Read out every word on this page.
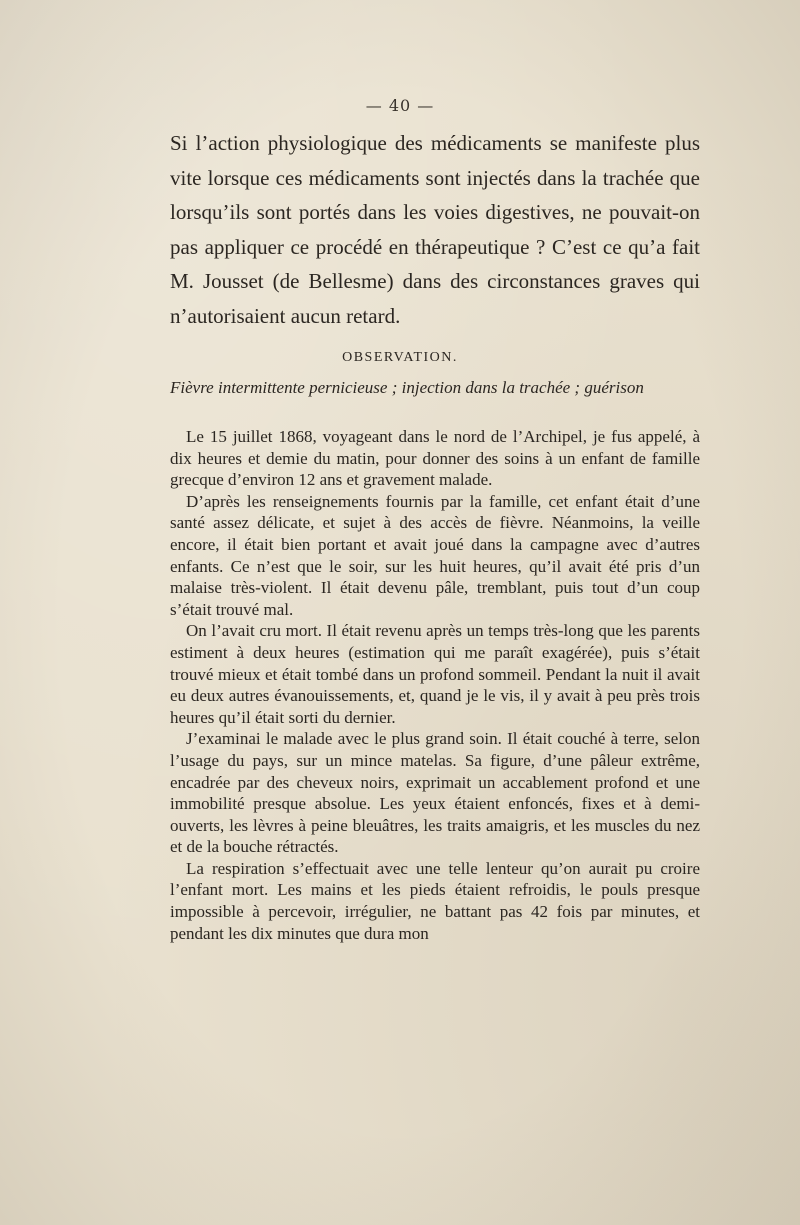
— 40 —

Si l’action physiologique des médicaments se manifeste plus vite lorsque ces médicaments sont injectés dans la trachée que lorsqu’ils sont portés dans les voies digestives, ne pouvait-on pas appliquer ce procédé en thérapeutique ? C’est ce qu’a fait M. Jousset (de Bellesme) dans des circonstances graves qui n’autorisaient aucun retard.

OBSERVATION.
Fièvre intermittente pernicieuse ; injection dans la trachée ; guérison

Le 15 juillet 1868, voyageant dans le nord de l’Archipel, je fus appelé, à dix heures et demie du matin, pour donner des soins à un enfant de famille grecque d’environ 12 ans et gravement malade.

D’après les renseignements fournis par la famille, cet enfant était d’une santé assez délicate, et sujet à des accès de fièvre. Néanmoins, la veille encore, il était bien portant et avait joué dans la campagne avec d’autres enfants. Ce n’est que le soir, sur les huit heures, qu’il avait été pris d’un malaise très-violent. Il était devenu pâle, tremblant, puis tout d’un coup s’était trouvé mal.

On l’avait cru mort. Il était revenu après un temps très-long que les parents estiment à deux heures (estimation qui me paraît exagérée), puis s’était trouvé mieux et était tombé dans un profond sommeil. Pendant la nuit il avait eu deux autres évanouissements, et, quand je le vis, il y avait à peu près trois heures qu’il était sorti du dernier.

J’examinai le malade avec le plus grand soin. Il était couché à terre, selon l’usage du pays, sur un mince matelas. Sa figure, d’une pâleur extrême, encadrée par des cheveux noirs, exprimait un accablement profond et une immobilité presque absolue. Les yeux étaient enfoncés, fixes et à demi-ouverts, les lèvres à peine bleuâtres, les traits amaigris, et les muscles du nez et de la bouche rétractés.

La respiration s’effectuait avec une telle lenteur qu’on aurait pu croire l’enfant mort. Les mains et les pieds étaient refroidis, le pouls presque impossible à percevoir, irrégulier, ne battant pas 42 fois par minutes, et pendant les dix minutes que dura mon
